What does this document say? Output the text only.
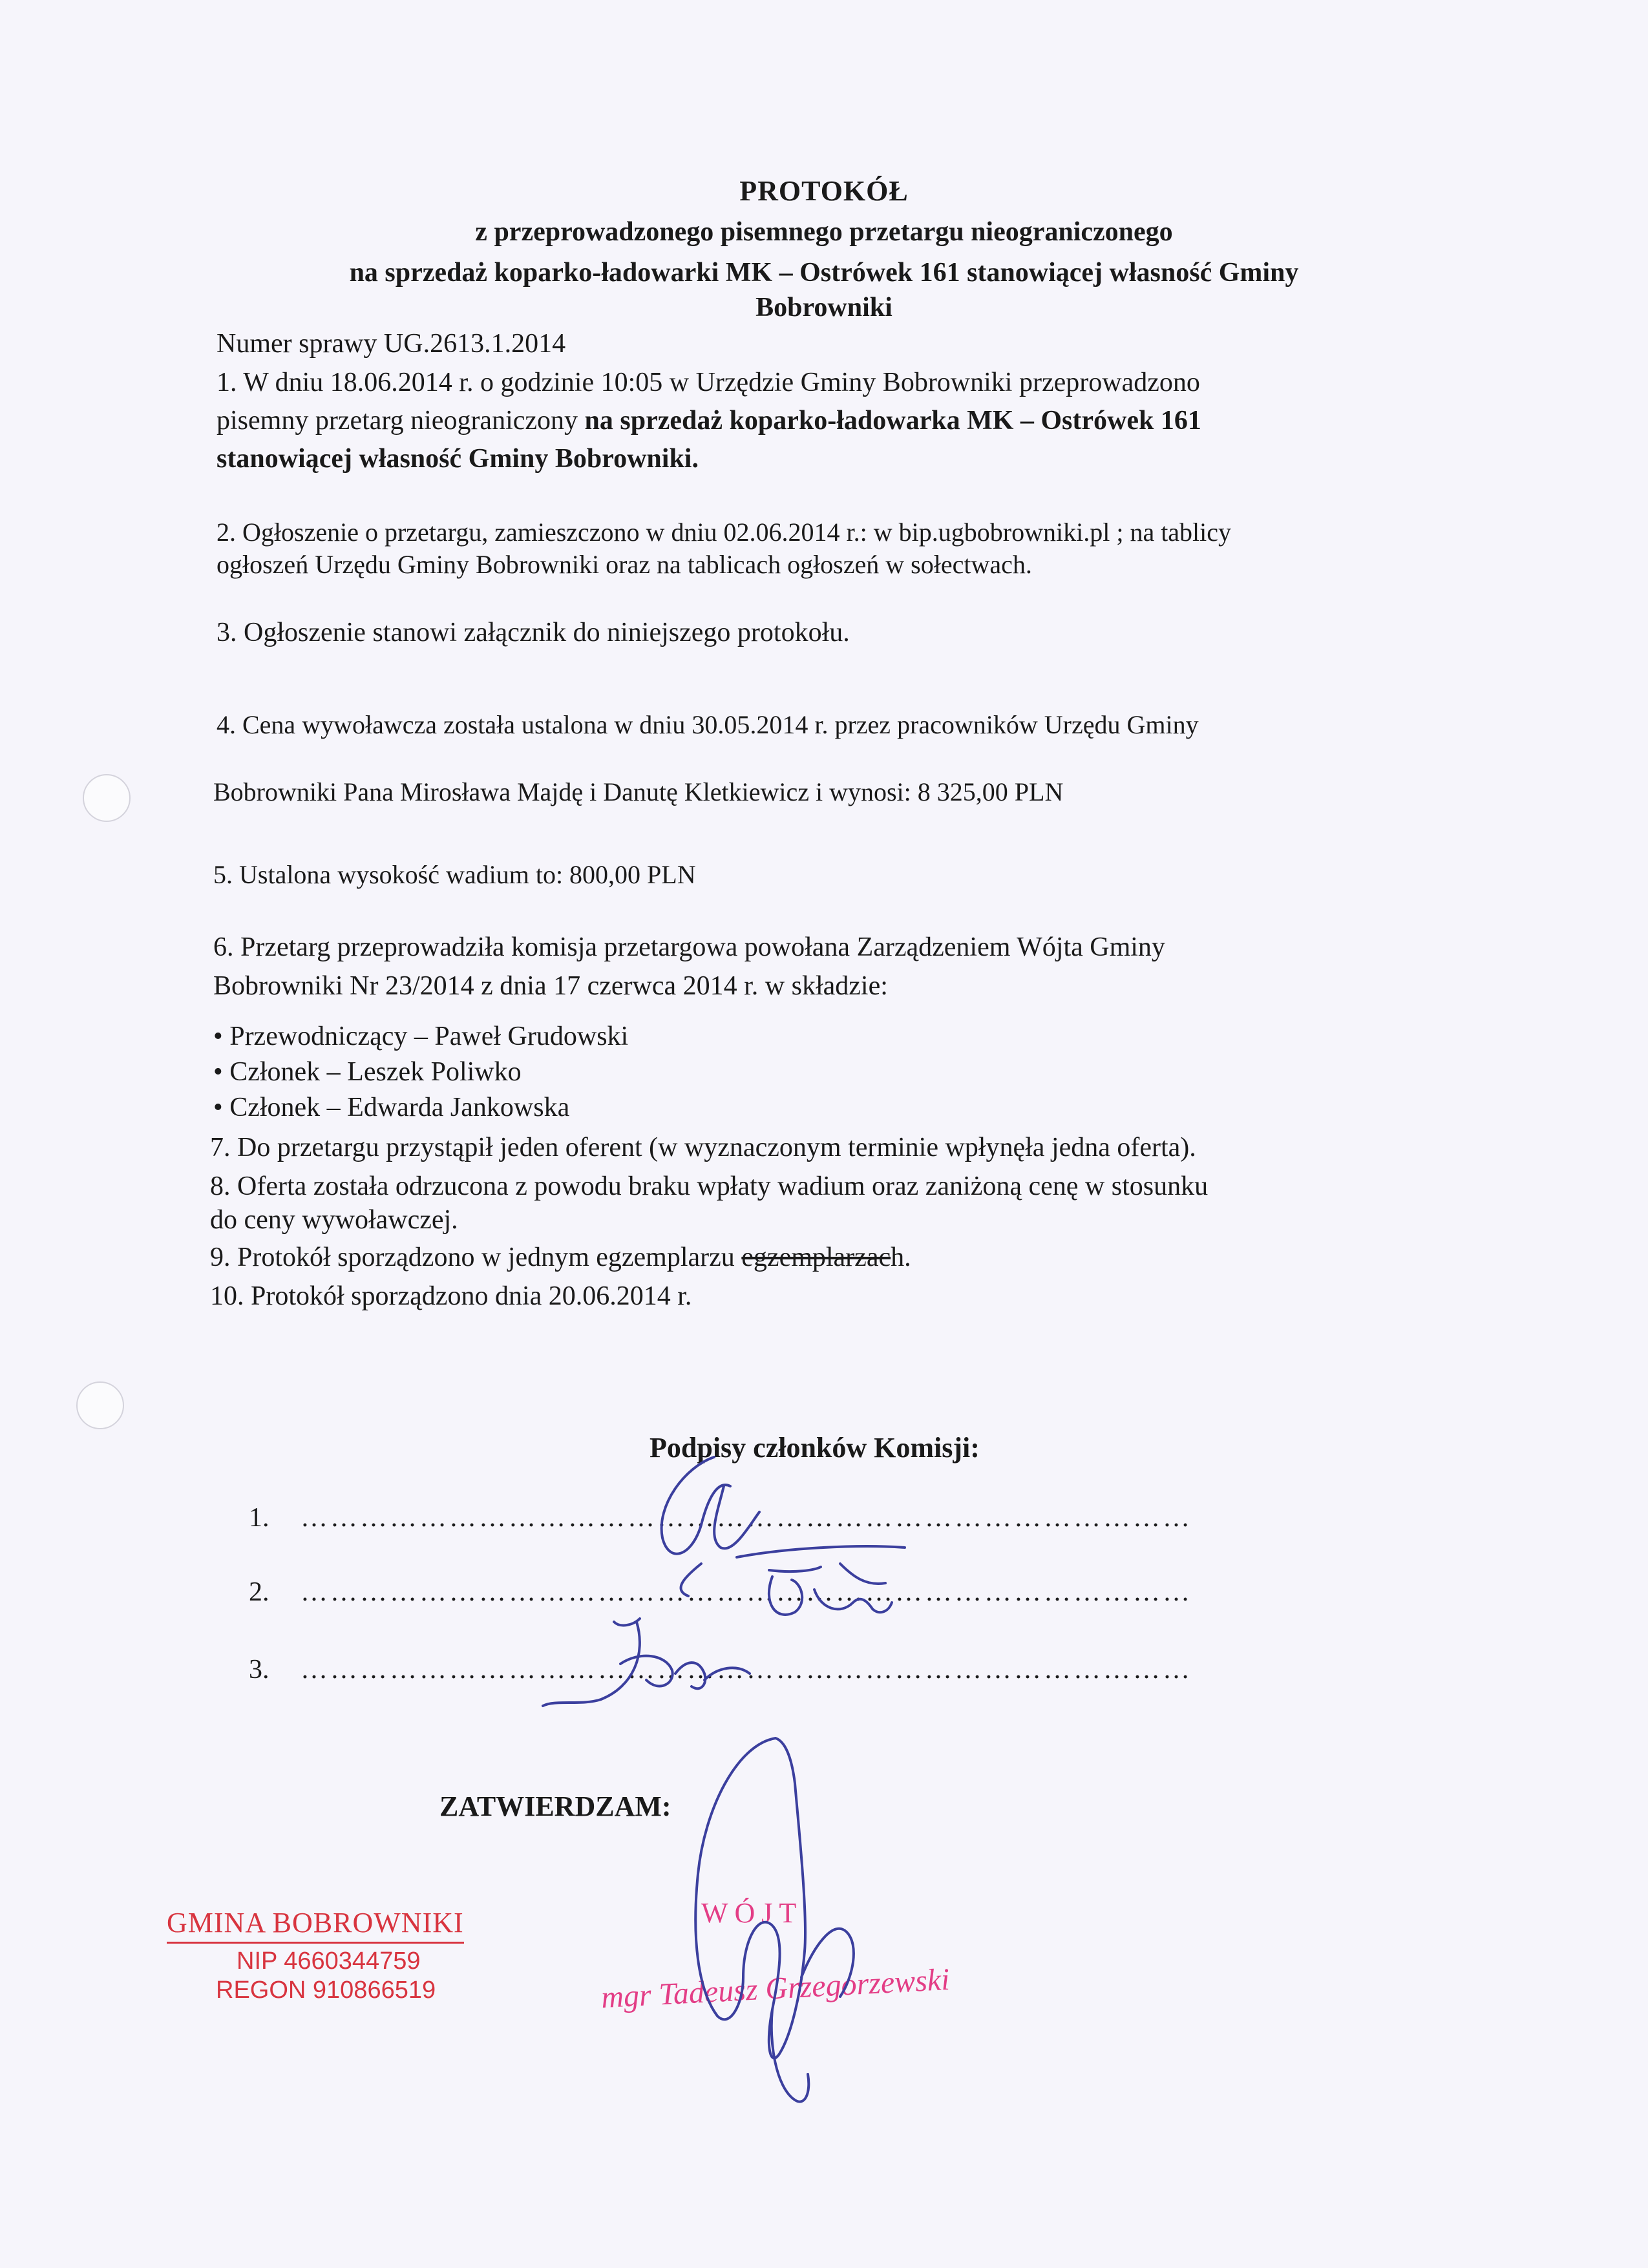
PROTOKÓŁ
z przeprowadzonego pisemnego przetargu nieograniczonego
na sprzedaż koparko-ładowarki MK – Ostrówek 161 stanowiącej własność Gminy
Bobrowniki
Numer sprawy UG.2613.1.2014
1. W dniu 18.06.2014 r. o godzinie 10:05 w Urzędzie Gminy Bobrowniki przeprowadzono
pisemny przetarg nieograniczony na sprzedaż koparko-ładowarka MK – Ostrówek 161
stanowiącej własność Gminy Bobrowniki.
2. Ogłoszenie o przetargu, zamieszczono w dniu 02.06.2014 r.: w bip.ugbobrowniki.pl ; na tablicy
ogłoszeń Urzędu Gminy Bobrowniki oraz na tablicach ogłoszeń w sołectwach.
3. Ogłoszenie stanowi załącznik do niniejszego protokołu.
4. Cena wywoławcza została ustalona w dniu 30.05.2014 r. przez pracowników Urzędu Gminy
Bobrowniki Pana Mirosława Majdę i Danutę Kletkiewicz i wynosi: 8 325,00 PLN
5. Ustalona wysokość wadium to: 800,00 PLN
6. Przetarg przeprowadziła komisja przetargowa powołana Zarządzeniem Wójta Gminy
Bobrowniki Nr 23/2014 z dnia 17 czerwca 2014 r. w składzie:
• Przewodniczący – Paweł Grudowski
• Członek – Leszek Poliwko
• Członek – Edwarda Jankowska
7. Do przetargu przystąpił jeden oferent (w wyznaczonym terminie wpłynęła jedna oferta).
8. Oferta została odrzucona z powodu braku wpłaty wadium oraz zaniżoną cenę w stosunku
do ceny wywoławczej.
9. Protokół sporządzono w jednym egzemplarzu egzemplarzach.
10. Protokół sporządzono dnia 20.06.2014 r.
Podpisy członków Komisji:
1. ………………………………………………………………………………
2. ………………………………………………………………………………
3. ………………………………………………………………………………
ZATWIERDZAM:
GMINA BOBROWNIKI
NIP 4660344759
REGON 910866519
WÓJT
mgr Tadeusz Grzegorzewski
